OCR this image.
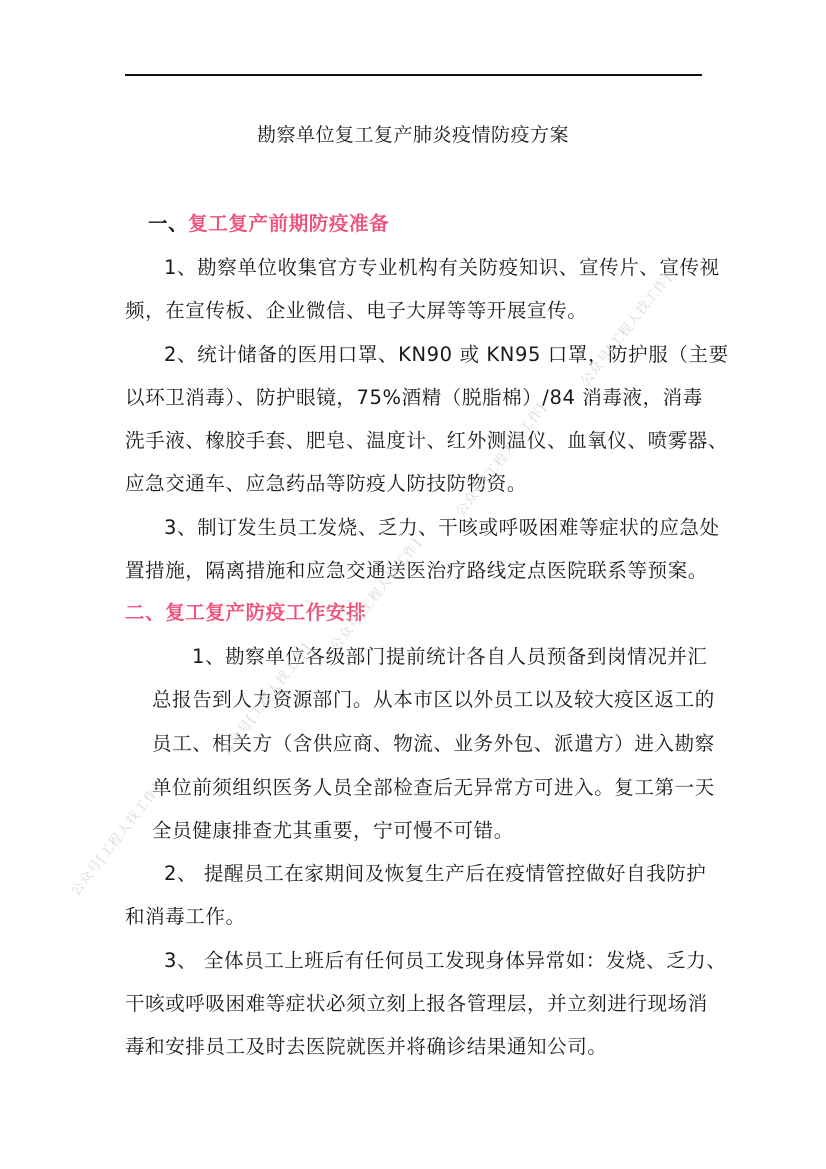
勘察单位复工复产肺炎疫情防疫方案
一、复工复产前期防疫准备
1、勘察单位收集官方专业机构有关防疫知识、宣传片、宣传视
频，在宣传板、企业微信、电子大屏等等开展宣传。
2、统计储备的医用口罩、KN90 或 KN95 口罩，防护服（主要
以环卫消毒）、防护眼镜，75%酒精（脱脂棉）/84 消毒液，消毒
洗手液、橡胶手套、肥皂、温度计、红外测温仪、血氧仪、喷雾器、
应急交通车、应急药品等防疫人防技防物资。
3、制订发生员工发烧、乏力、干咳或呼吸困难等症状的应急处
置措施，隔离措施和应急交通送医治疗路线定点医院联系等预案。
二、复工复产防疫工作安排
1、勘察单位各级部门提前统计各自人员预备到岗情况并汇
总报告到人力资源部门。从本市区以外员工以及较大疫区返工的
员工、相关方（含供应商、物流、业务外包、派遣方）进入勘察
单位前须组织医务人员全部检查后无异常方可进入。复工第一天
全员健康排查尤其重要，宁可慢不可错。
2、 提醒员工在家期间及恢复生产后在疫情管控做好自我防护
和消毒工作。
3、 全体员工上班后有任何员工发现身体异常如：发烧、乏力、
干咳或呼吸困难等症状必须立刻上报各管理层，并立刻进行现场消
毒和安排员工及时去医院就医并将确诊结果通知公司。
公众号[工程人找工作]
公众号[工程人找工作]
公众号[工程人找工作]
公众号[工程人找工作]
公众号[工程人找工作]
